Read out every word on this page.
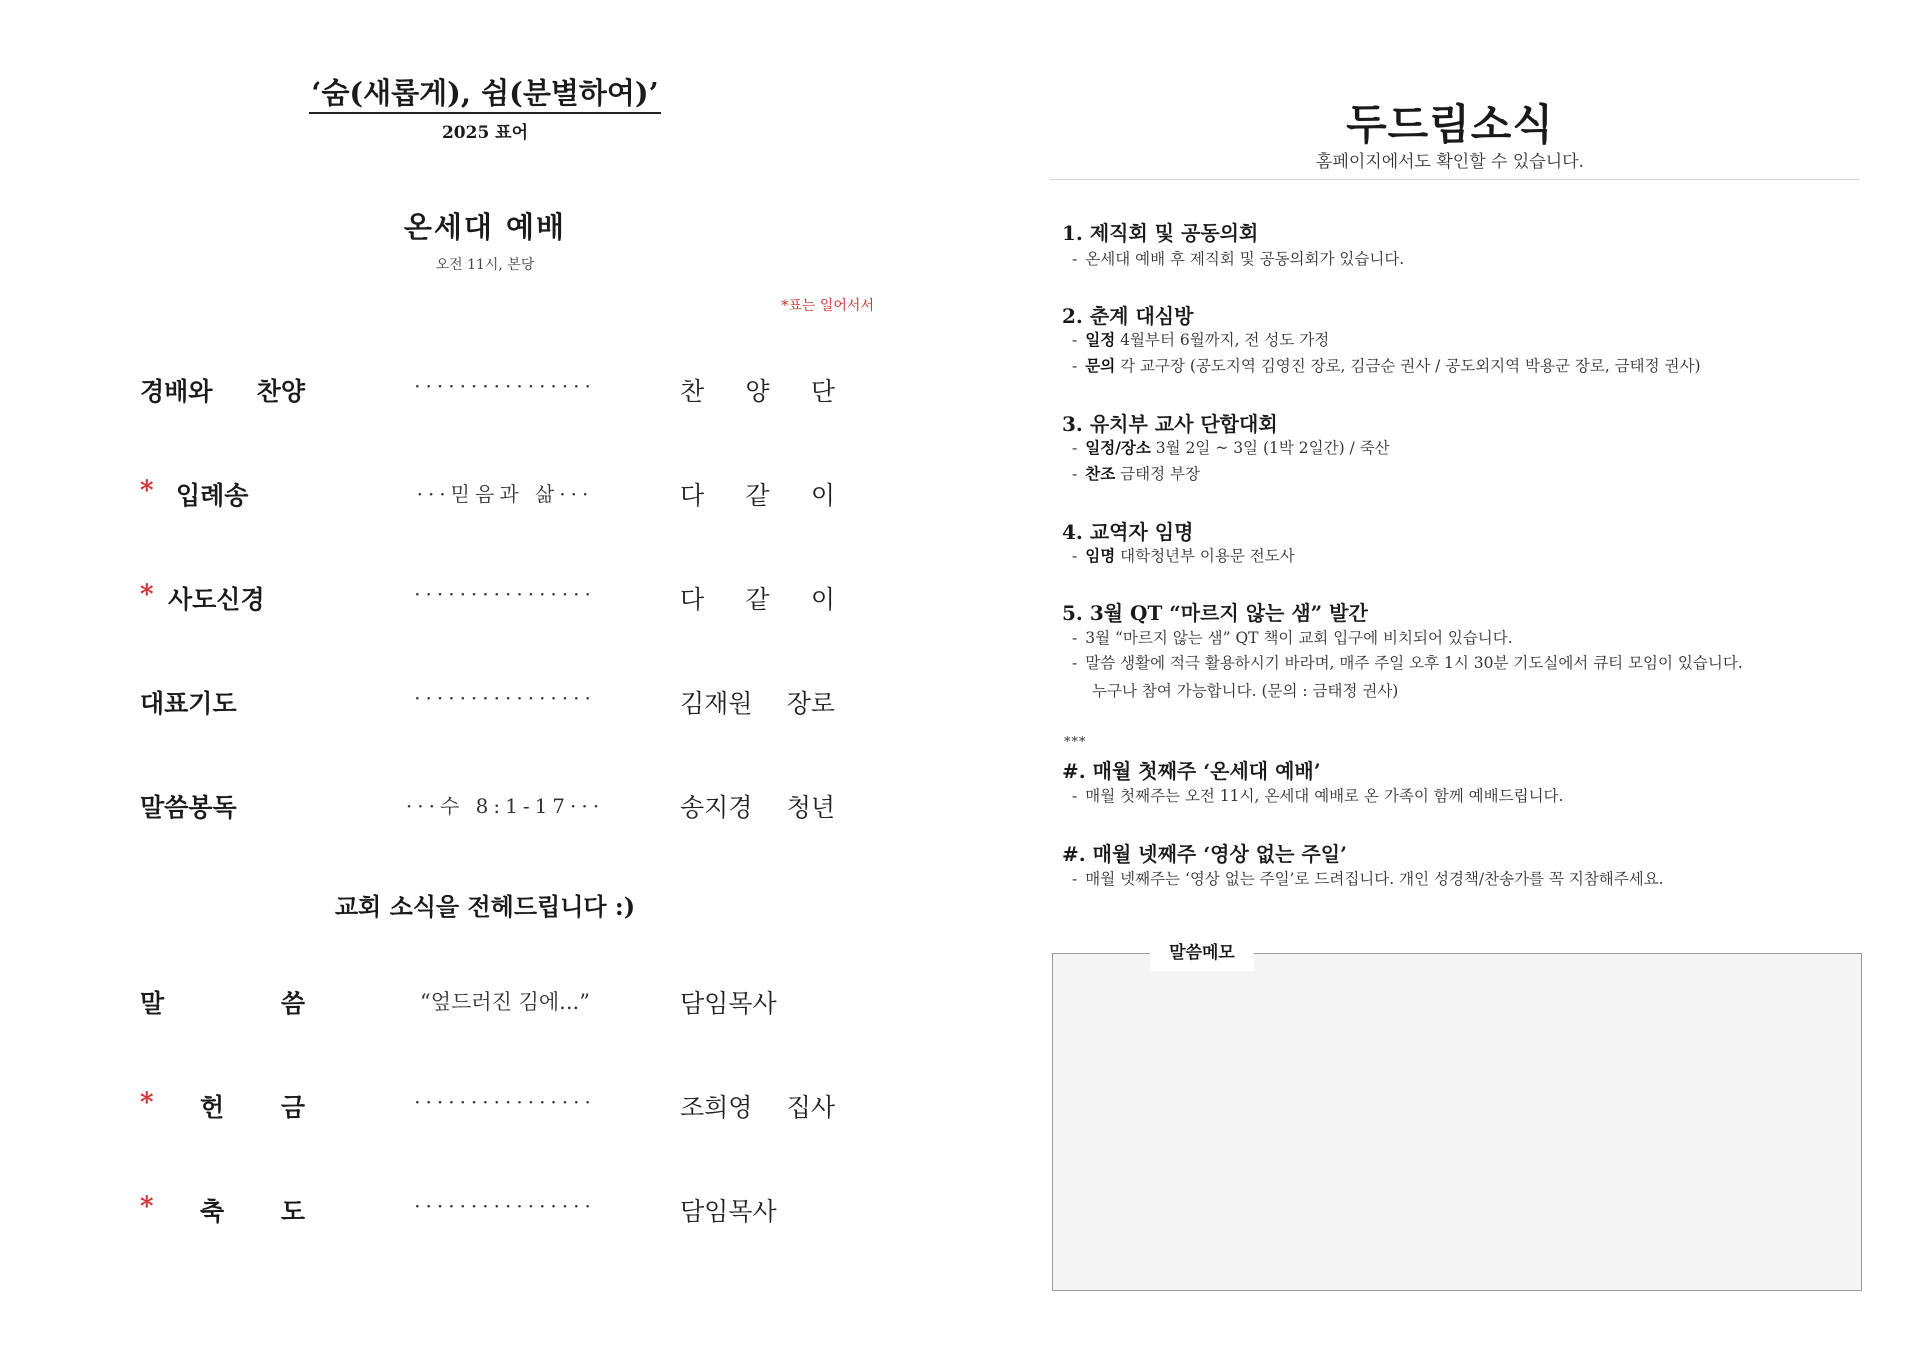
‘숨(새롭게), 쉼(분별하여)’
2025 표어
온세대 예배
오전 11시, 본당
*표는 일어서서
경배와 찬양	················	찬 양 단
* 입례송	···믿음과 삶···	다 같 이
* 사도신경	················	다 같 이
대표기도	················	김재원 장로
말씀봉독	···수 8:1-17···	송지경 청년
교회 소식을 전헤드립니다 :)
말 씀	“엎드러진 김에...”	담임목사
* 헌 금	················	조희영 집사
* 축 도	················	담임목사
두드림소식
홈페이지에서도 확인할 수 있습니다.
1. 제직회 및 공동의회
- 온세대 예배 후 제직회 및 공동의회가 있습니다.
2. 춘계 대심방
- 일정 4월부터 6월까지, 전 성도 가정
- 문의 각 교구장 (공도지역 김영진 장로, 김금순 권사 / 공도외지역 박용군 장로, 금태정 권사)
3. 유치부 교사 단합대회
- 일정/장소 3월 2일 ~ 3일 (1박 2일간) / 죽산
- 찬조 금태정 부장
4. 교역자 임명
- 임명 대학청년부 이용문 전도사
5. 3월 QT “마르지 않는 샘” 발간
- 3월 “마르지 않는 샘” QT 책이 교회 입구에 비치되어 있습니다.
- 말씀 생활에 적극 활용하시기 바라며, 매주 주일 오후 1시 30분 기도실에서 큐티 모임이 있습니다.
누구나 참여 가능합니다. (문의 : 금태정 권사)
***
#. 매월 첫째주 ‘온세대 예배’
- 매월 첫째주는 오전 11시, 온세대 예배로 온 가족이 함께 예배드립니다.
#. 매월 넷째주 ‘영상 없는 주일’
- 매월 넷째주는 ‘영상 없는 주일’로 드려집니다. 개인 성경책/찬송가를 꼭 지참해주세요.
말씀메모
